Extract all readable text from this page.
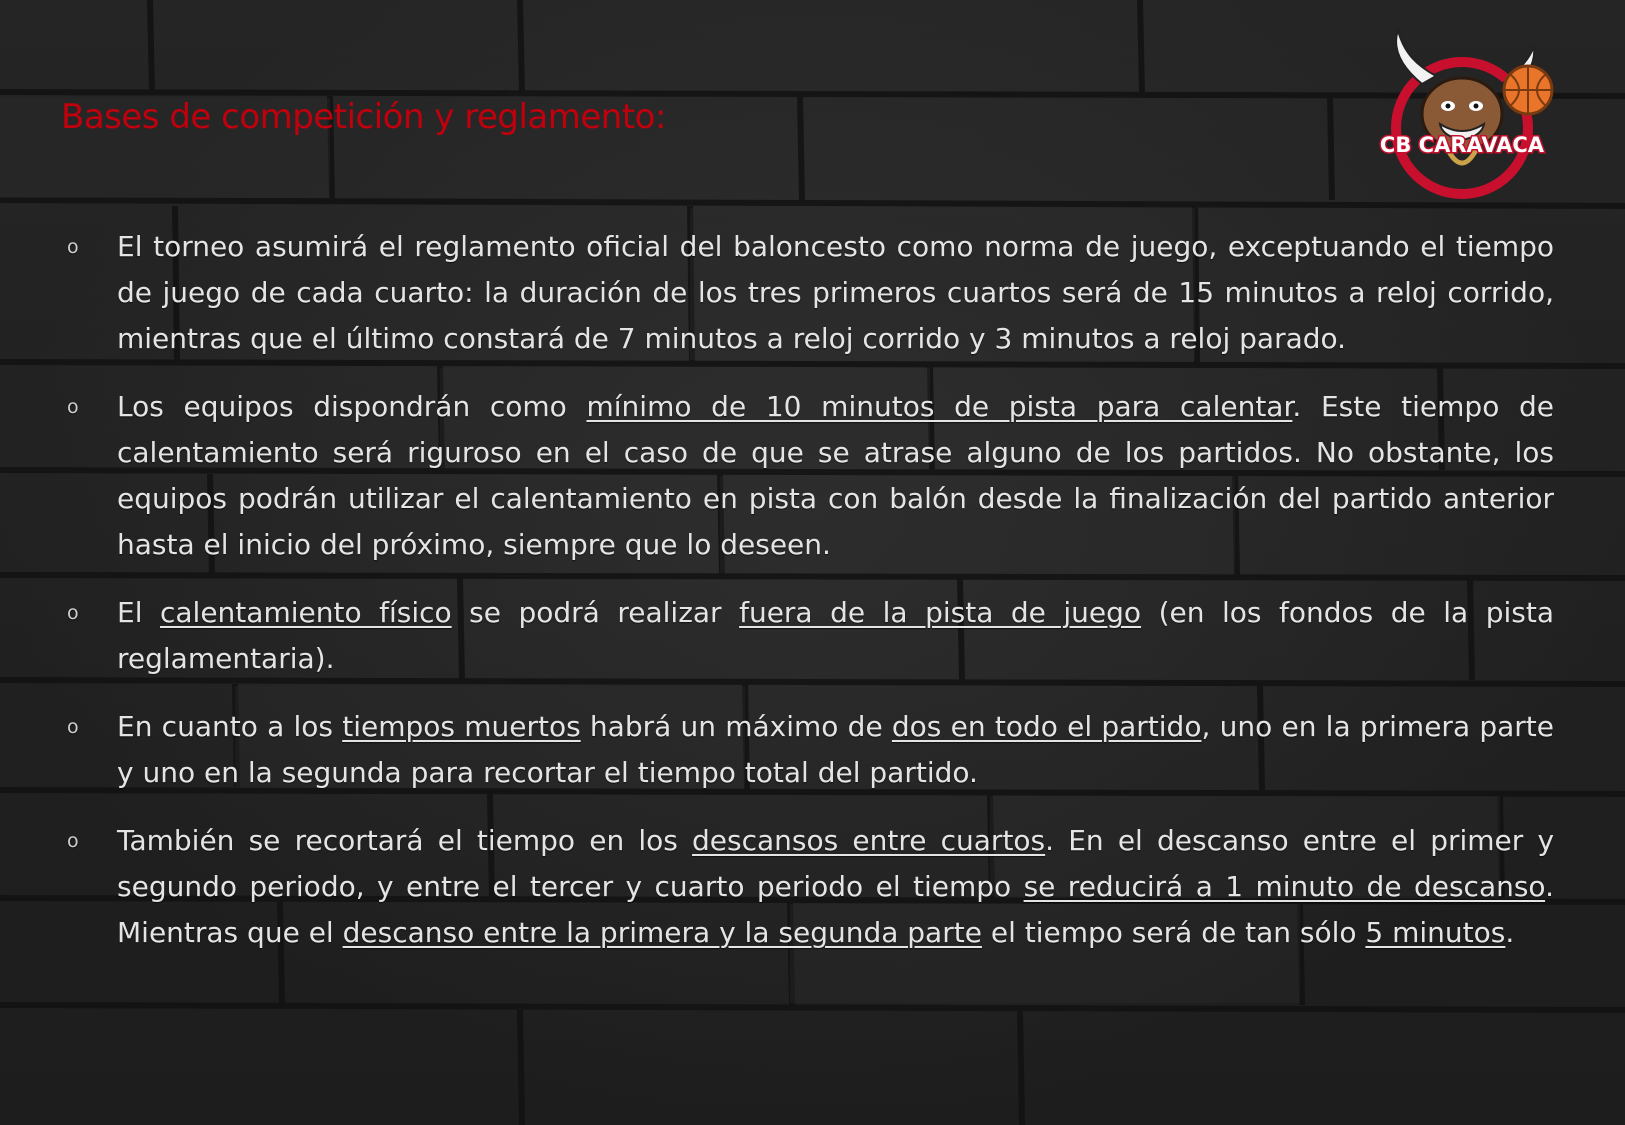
Bases de competición y reglamento:
CB CARAVACA
o El torneo asumirá el reglamento oficial del baloncesto como norma de juego, exceptuando el tiempo de juego de cada cuarto: la duración de los tres primeros cuartos será de 15 minutos a reloj corrido, mientras que el último constará de 7 minutos a reloj corrido y 3 minutos a reloj parado.
o Los equipos dispondrán como mínimo de 10 minutos de pista para calentar. Este tiempo de calentamiento será riguroso en el caso de que se atrase alguno de los partidos. No obstante, los equipos podrán utilizar el calentamiento en pista con balón desde la finalización del partido anterior hasta el inicio del próximo, siempre que lo deseen.
o El calentamiento físico se podrá realizar fuera de la pista de juego (en los fondos de la pista reglamentaria).
o En cuanto a los tiempos muertos habrá un máximo de dos en todo el partido, uno en la primera parte y uno en la segunda para recortar el tiempo total del partido.
o También se recortará el tiempo en los descansos entre cuartos. En el descanso entre el primer y segundo periodo, y entre el tercer y cuarto periodo el tiempo se reducirá a 1 minuto de descanso. Mientras que el descanso entre la primera y la segunda parte el tiempo será de tan sólo 5 minutos.
